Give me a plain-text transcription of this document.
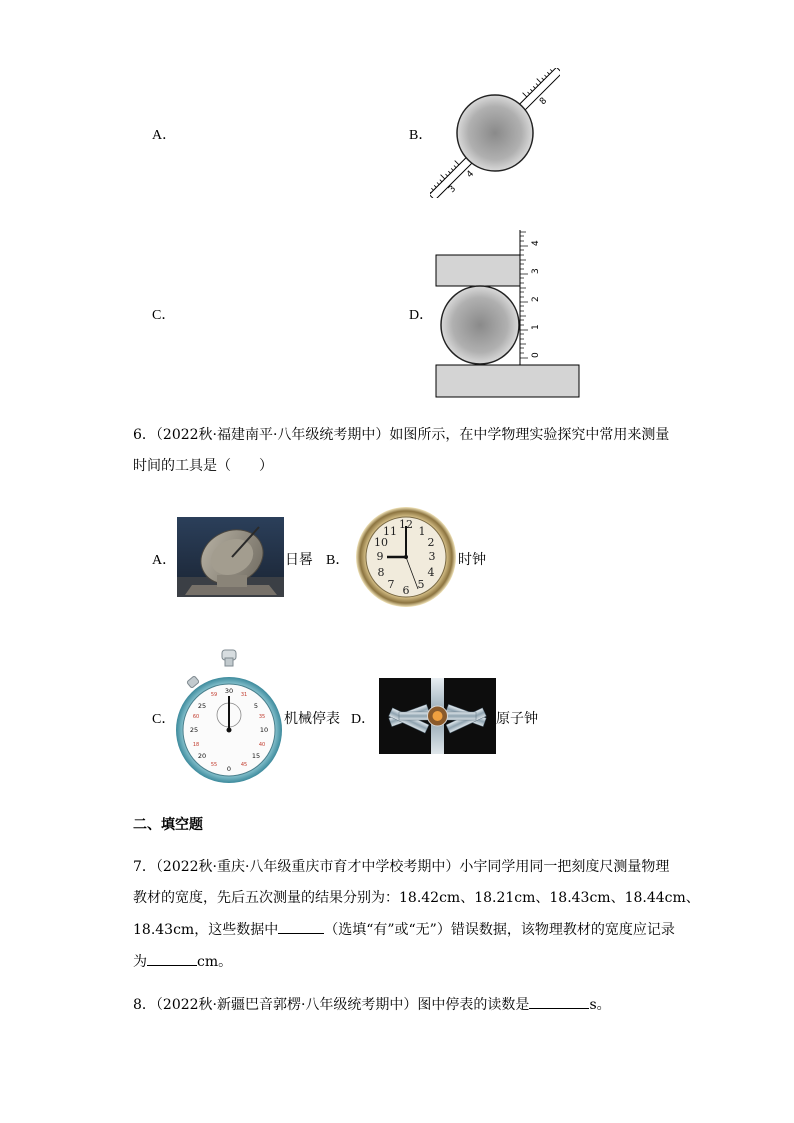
A．	B．
C．	D．
3
4
8
0
1
2
3
4
6．（2022秋·福建南平·八年级统考期中）如图所示，在中学物理实验探究中常用来测量
时间的工具是（　　）
A．	日晷 B．
12
3
6
9
1
2
4
5
7
8
10
11
时钟
C．
30
5
10
15
0
20
25
25
31
35
40
45
55
18
60
59
机械停表 D．	原子钟
二、填空题
7．（2022秋·重庆·八年级重庆市育才中学校考期中）小宇同学用同一把刻度尺测量物理
教材的宽度，先后五次测量的结果分别为：18.42cm、18.21cm、18.43cm、18.44cm、
18.43cm，这些数据中	（选填“有”或“无”）错误数据，该物理教材的宽度应记录
为	cm。
8．（2022秋·新疆巴音郭楞·八年级统考期中）图中停表的读数是	s。
